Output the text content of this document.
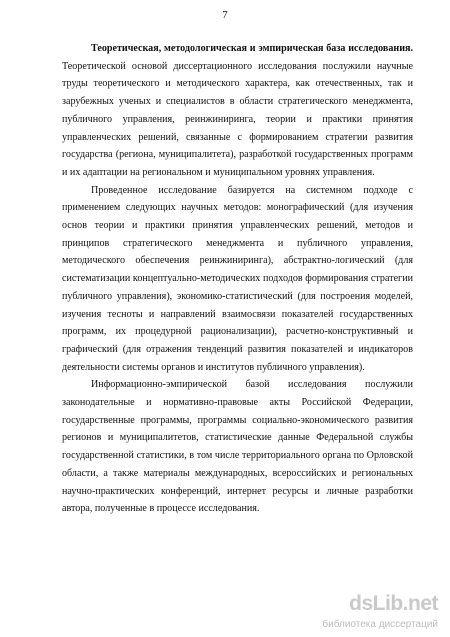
7

Теоретическая, методологическая и эмпирическая база исследования. Теоретической основой диссертационного исследования послужили научные труды теоретического и методического характера, как отечественных, так и зарубежных ученых и специалистов в области стратегического менеджмента, публичного управления, реинжиниринга, теории и практики принятия управленческих решений, связанные с формированием стратегии развития государства (региона, муниципалитета), разработкой государственных программ и их адаптации на региональном и муниципальном уровнях управления.

Проведенное исследование базируется на системном подходе с применением следующих научных методов: монографический (для изучения основ теории и практики принятия управленческих решений, методов и принципов стратегического менеджмента и публичного управления, методического обеспечения реинжиниринга), абстрактно-логический (для систематизации концептуально-методических подходов формирования стратегии публичного управления), экономико-статистический (для построения моделей, изучения тесноты и направлений взаимосвязи показателей государственных программ, их процедурной рационализации), расчетно-конструктивный и графический (для отражения тенденций развития показателей и индикаторов деятельности системы органов и институтов публичного управления).

Информационно-эмпирической базой исследования послужили законодательные и нормативно-правовые акты Российской Федерации, государственные программы, программы социально-экономического развития регионов и муниципалитетов, статистические данные Федеральной службы государственной статистики, в том числе территориального органа по Орловской области, а также материалы международных, всероссийских и региональных научно-практических конференций, интернет ресурсы и личные разработки автора, полученные в процессе исследования.

dsLib.net
библиотека диссертаций
